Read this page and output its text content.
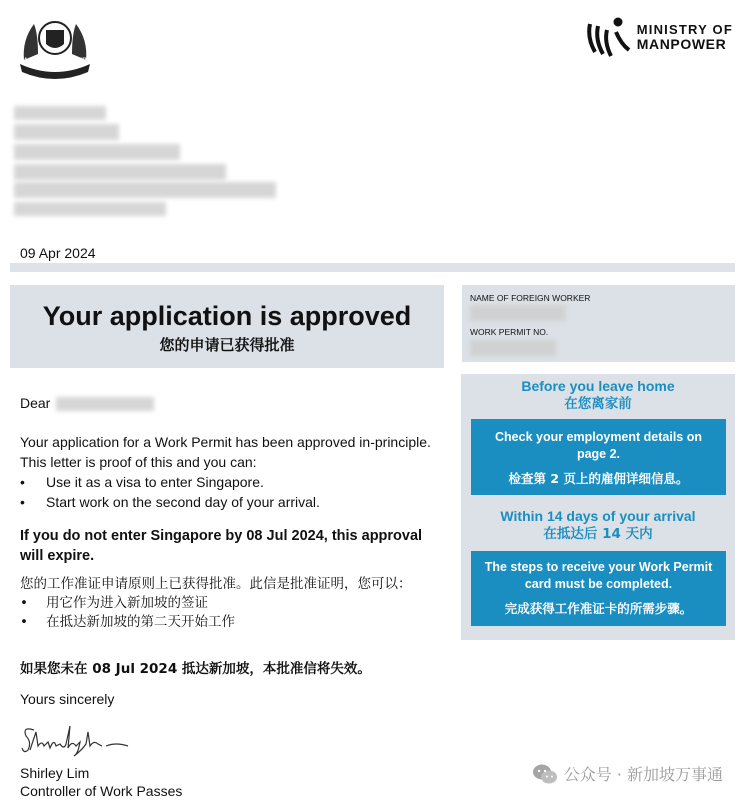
MAJULAH SINGAPURA
MINISTRY OF
MANPOWER
09 Apr 2024
Your application is approved
您的申请已获得批准
NAME OF FOREIGN WORKER
WORK PERMIT NO.
Dear
Your application for a Work Permit has been approved in-principle. This letter is proof of this and you can:
• Use it as a visa to enter Singapore.
• Start work on the second day of your arrival.
If you do not enter Singapore by 08 Jul 2024, this approval will expire.
您的工作准证申请原则上已获得批准。此信是批准证明，您可以：
• 用它作为进入新加坡的签证
• 在抵达新加坡的第二天开始工作
如果您未在 08 Jul 2024 抵达新加坡，本批准信将失效。
Yours sincerely
Shirley Lim
Controller of Work Passes
Before you leave home
在您离家前
Check your employment details on page 2.
检查第 2 页上的雇佣详细信息。
Within 14 days of your arrival
在抵达后 14 天内
The steps to receive your Work Permit card must be completed.
完成获得工作准证卡的所需步骤。
公众号 · 新加坡万事通
